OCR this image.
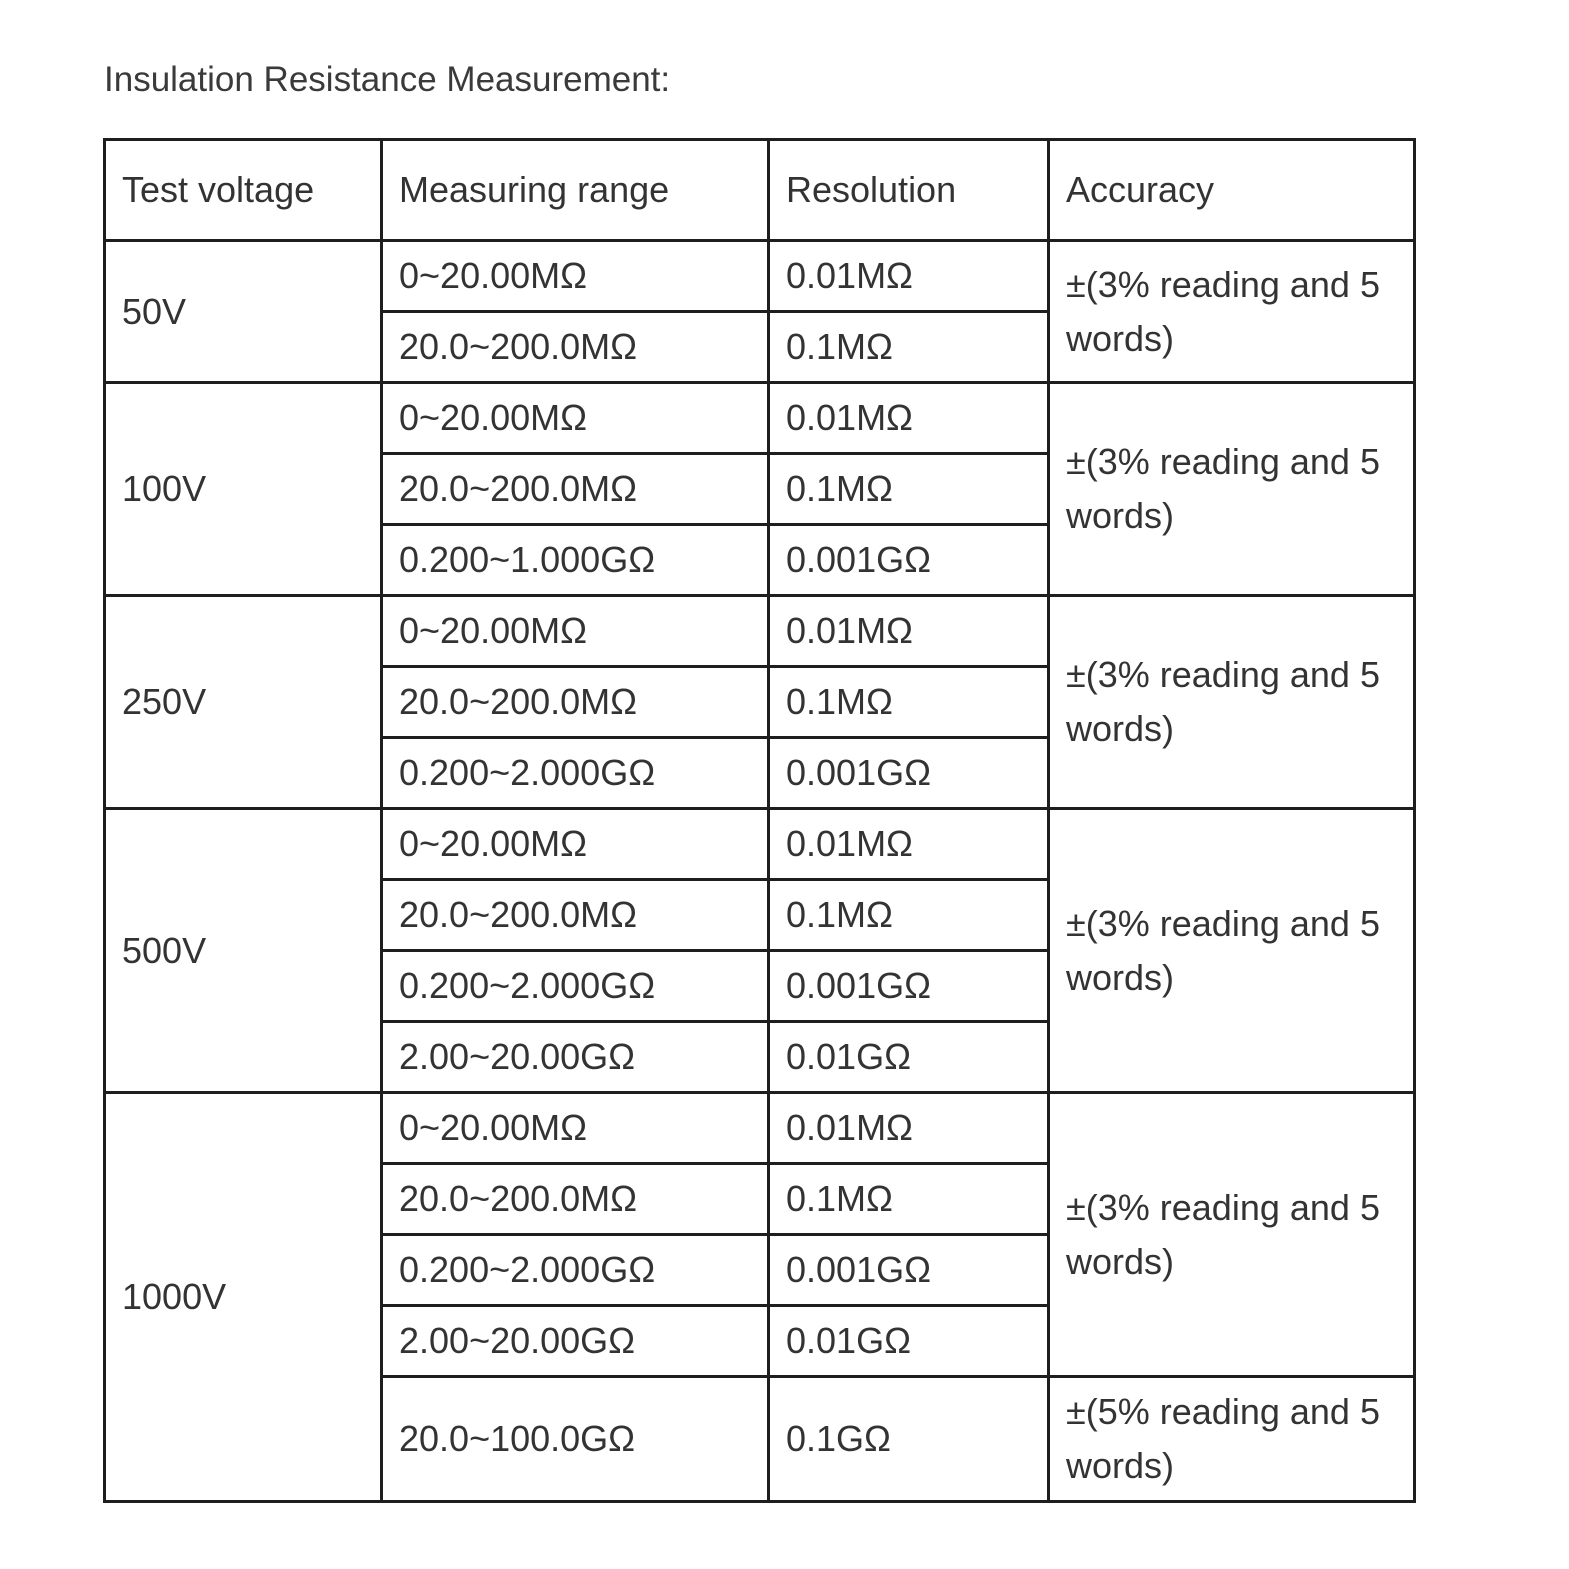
Insulation Resistance Measurement:
Test voltage	Measuring range	Resolution	Accuracy
50V	0~20.00MΩ	0.01MΩ	±(3% reading and 5 words)
	20.0~200.0MΩ	0.1MΩ	
100V	0~20.00MΩ	0.01MΩ	±(3% reading and 5 words)
	20.0~200.0MΩ	0.1MΩ	
	0.200~1.000GΩ	0.001GΩ	
250V	0~20.00MΩ	0.01MΩ	±(3% reading and 5 words)
	20.0~200.0MΩ	0.1MΩ	
	0.200~2.000GΩ	0.001GΩ	
500V	0~20.00MΩ	0.01MΩ	±(3% reading and 5 words)
	20.0~200.0MΩ	0.1MΩ	
	0.200~2.000GΩ	0.001GΩ	
	2.00~20.00GΩ	0.01GΩ	
1000V	0~20.00MΩ	0.01MΩ	±(3% reading and 5 words)
	20.0~200.0MΩ	0.1MΩ	
	0.200~2.000GΩ	0.001GΩ	
	2.00~20.00GΩ	0.01GΩ	
	20.0~100.0GΩ	0.1GΩ	±(5% reading and 5 words)
